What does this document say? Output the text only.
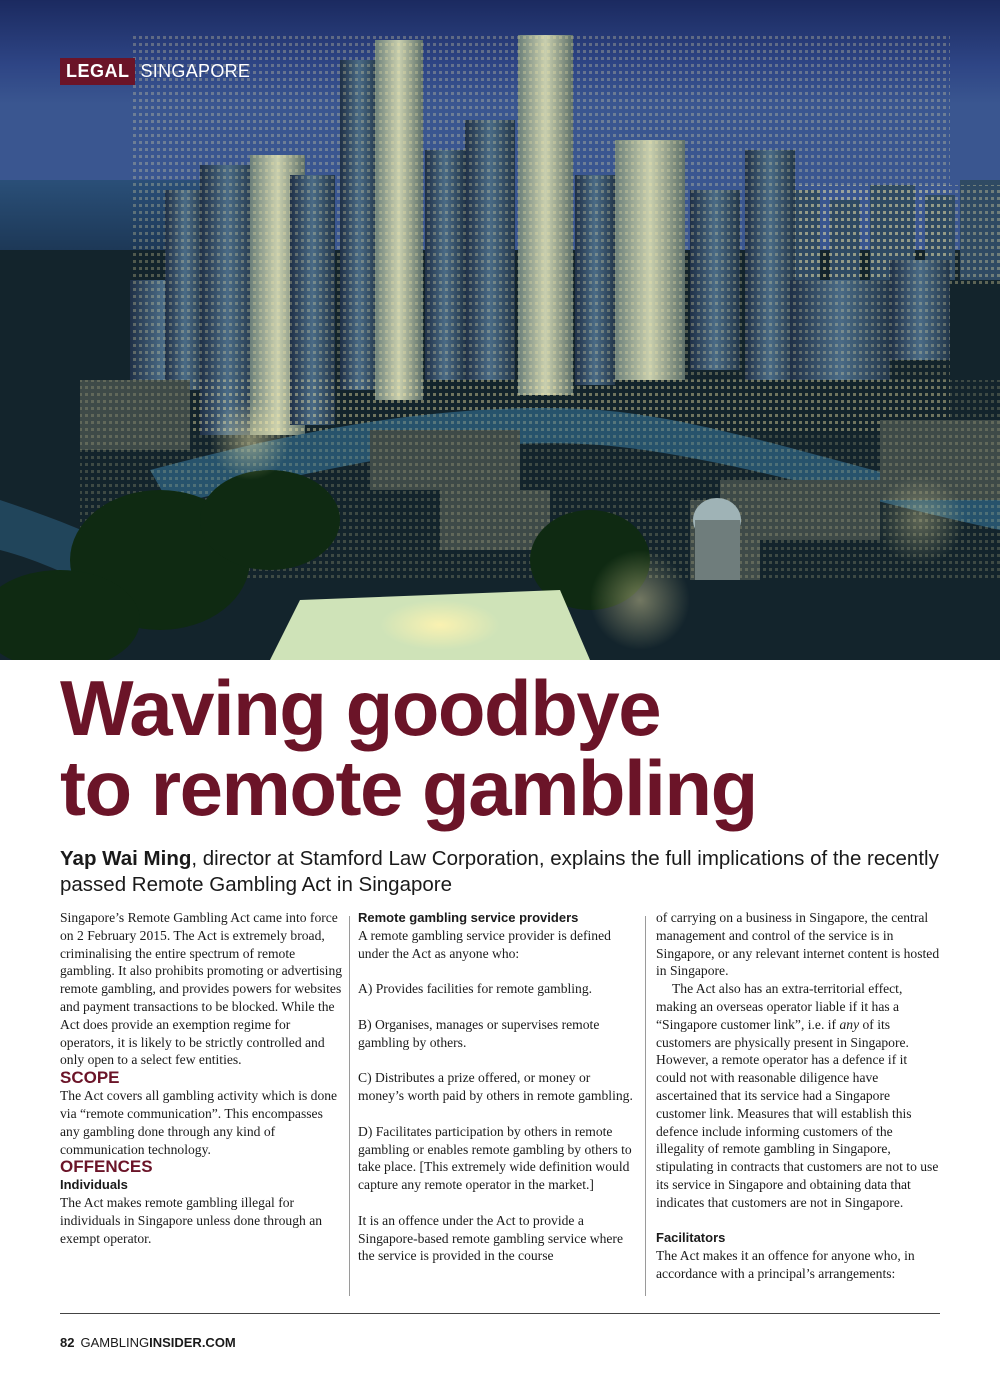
LEGAL SINGAPORE
Waving goodbye
to remote gambling

Yap Wai Ming, director at Stamford Law Corporation, explains the full implications of the recently passed Remote Gambling Act in Singapore

Singapore’s Remote Gambling Act came into force on 2 February 2015. The Act is extremely broad, criminalising the entire spectrum of remote gambling. It also prohibits promoting or advertising remote gambling, and provides powers for websites and payment transactions to be blocked. While the Act does provide an exemption regime for operators, it is likely to be strictly controlled and only open to a select few entities.

SCOPE

The Act covers all gambling activity which is done via “remote communication”. This encompasses any gambling done through any kind of communication technology.

OFFENCES

Individuals

The Act makes remote gambling illegal for individuals in Singapore unless done through an exempt operator.

Remote gambling service providers

A remote gambling service provider is defined under the Act as anyone who:

A) Provides facilities for remote gambling.

B) Organises, manages or supervises remote gambling by others.

C) Distributes a prize offered, or money or money’s worth paid by others in remote gambling.

D) Facilitates participation by others in remote gambling or enables remote gambling by others to take place. [This extremely wide definition would capture any remote operator in the market.]

It is an offence under the Act to provide a Singapore-based remote gambling service where the service is provided in the course

of carrying on a business in Singapore, the central management and control of the service is in Singapore, or any relevant internet content is hosted in Singapore.

The Act also has an extra-territorial effect, making an overseas operator liable if it has a “Singapore customer link”, i.e. if any of its customers are physically present in Singapore. However, a remote operator has a defence if it could not with reasonable diligence have ascertained that its service had a Singapore customer link. Measures that will establish this defence include informing customers of the illegality of remote gambling in Singapore, stipulating in contracts that customers are not to use its service in Singapore and obtaining data that indicates that customers are not in Singapore.

Facilitators

The Act makes it an offence for anyone who, in accordance with a principal’s arrangements:

82 GAMBLINGINSIDER.COM
